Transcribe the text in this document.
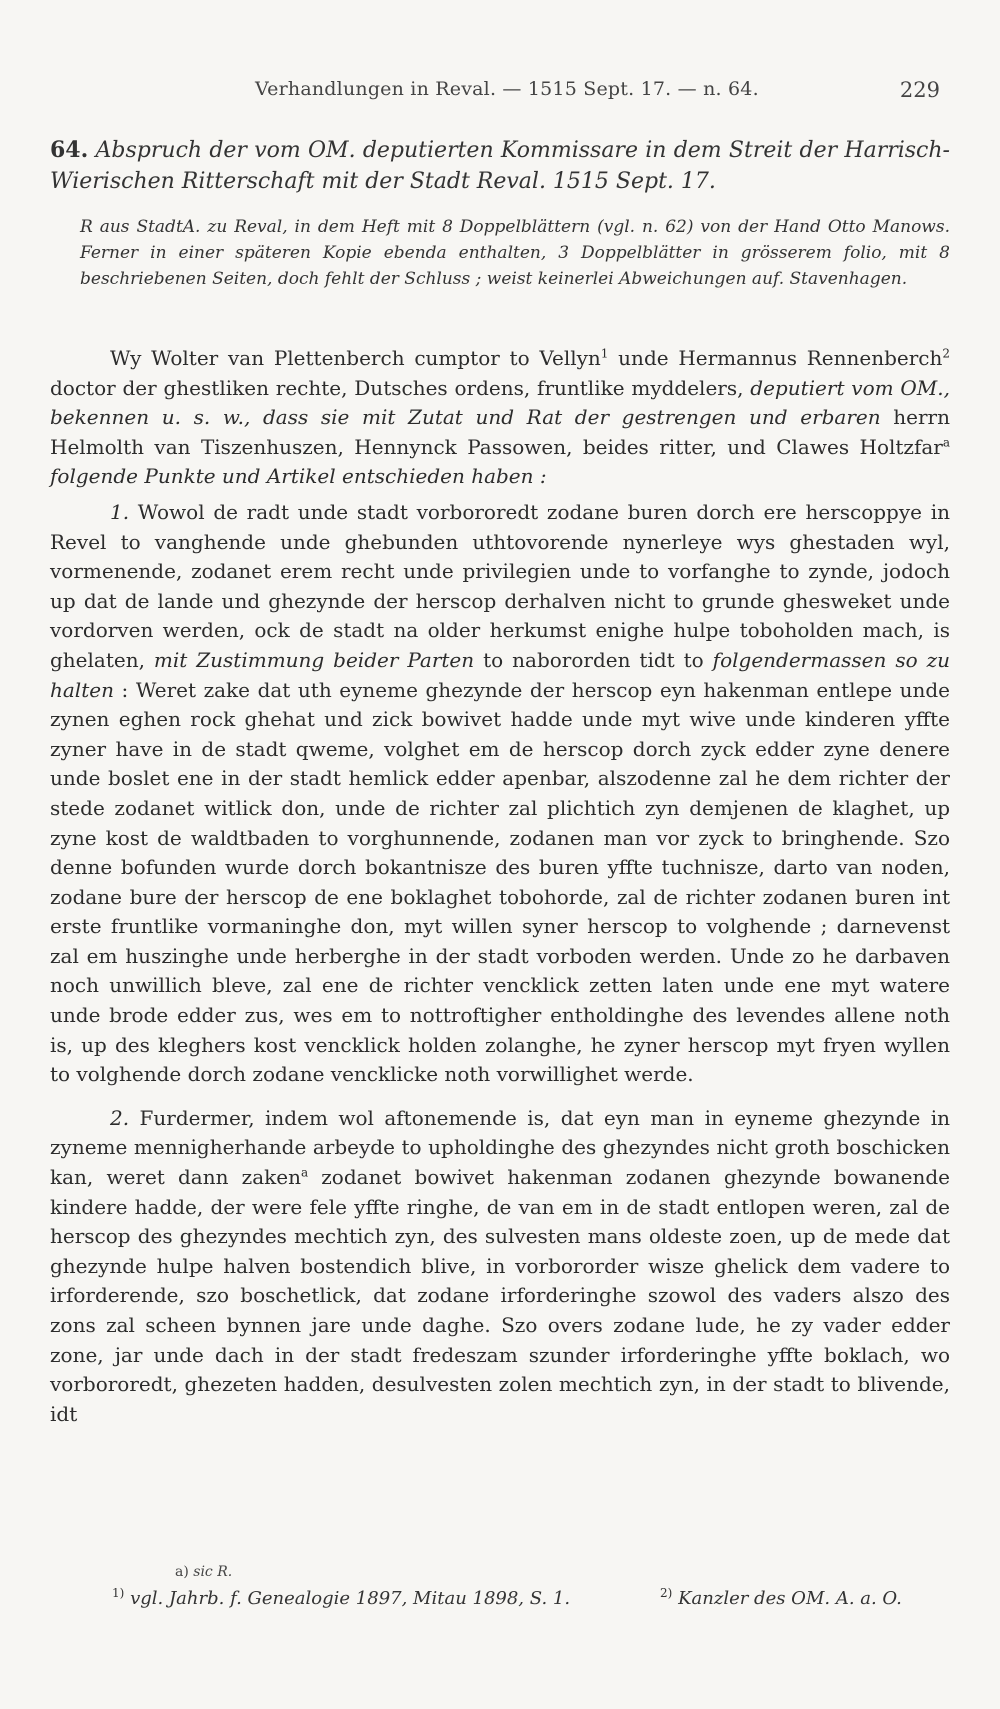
Verhandlungen in Reval. — 1515 Sept. 17. — n. 64.	229
64. Abspruch der vom OM. deputierten Kommissare in dem Streit der Harrisch-Wierischen Ritterschaft mit der Stadt Reval. 1515 Sept. 17.
R aus StadtA. zu Reval, in dem Heft mit 8 Doppelblättern (vgl. n. 62) von der Hand Otto Manows. Ferner in einer späteren Kopie ebenda enthalten, 3 Doppelblätter in grösserem folio, mit 8 beschriebenen Seiten, doch fehlt der Schluss ; weist keinerlei Abweichungen auf. Stavenhagen.

Wy Wolter van Plettenberch cumptor to Vellyn$^1$ unde Hermannus Rennenberch$^2$ doctor der ghestliken rechte, Dutsches ordens, fruntlike myddelers, deputiert vom OM., bekennen u. s. w., dass sie mit Zutat und Rat der gestrengen und erbaren herrn Helmolth van Tiszenhuszen, Hennynck Passowen, beides ritter, und Clawes Holtzfar$^a$ folgende Punkte und Artikel entschieden haben :

1. Wowol de radt unde stadt vorbororedt zodane buren dorch ere herscoppye in Revel to vanghende unde ghebunden uthtovorende nynerleye wys ghestaden wyl, vormenende, zodanet erem recht unde privilegien unde to vorfanghe to zynde, jodoch up dat de lande und ghezynde der herscop derhalven nicht to grunde ghesweket unde vordorven werden, ock de stadt na older herkumst enighe hulpe toboholden mach, is ghelaten, mit Zustimmung beider Parten to nabororden tidt to folgendermassen so zu halten : Weret zake dat uth eyneme ghezynde der herscop eyn hakenman entlepe unde zynen eghen rock ghehat und zick bowivet hadde unde myt wive unde kinderen yffte zyner have in de stadt qweme, volghet em de herscop dorch zyck edder zyne denere unde boslet ene in der stadt hemlick edder apenbar, alszodenne zal he dem richter der stede zodanet witlick don, unde de richter zal plichtich zyn demjenen de klaghet, up zyne kost de waldtbaden to vorghunnende, zodanen man vor zyck to bringhende. Szo denne bofunden wurde dorch bokantnisze des buren yffte tuchnisze, darto van noden, zodane bure der herscop de ene boklaghet tobohorde, zal de richter zodanen buren int erste fruntlike vormaninghe don, myt willen syner herscop to volghende ; darnevenst zal em huszinghe unde herberghe in der stadt vorboden werden. Unde zo he darbaven noch unwillich bleve, zal ene de richter vencklick zetten laten unde ene myt watere unde brode edder zus, wes em to nottroftigher entholdinghe des levendes allene noth is, up des kleghers kost vencklick holden zolanghe, he zyner herscop myt fryen wyllen to volghende dorch zodane vencklicke noth vorwillighet werde.

2. Furdermer, indem wol aftonemende is, dat eyn man in eyneme ghezynde in zyneme mennigherhande arbeyde to upholdinghe des ghezyndes nicht groth boschicken kan, weret dann zaken$^a$ zodanet bowivet hakenman zodanen ghezynde bowanende kindere hadde, der were fele yffte ringhe, de van em in de stadt entlopen weren, zal de herscop des ghezyndes mechtich zyn, des sulvesten mans oldeste zoen, up de mede dat ghezynde hulpe halven bostendich blive, in vorbororder wisze ghelick dem vadere to irforderende, szo boschetlick, dat zodane irforderinghe szowol des vaders alszo des zons zal scheen bynnen jare unde daghe. Szo overs zodane lude, he zy vader edder zone, jar unde dach in der stadt fredeszam szunder irforderinghe yffte boklach, wo vorbororedt, ghezeten hadden, desulvesten zolen mechtich zyn, in der stadt to blivende, idt

a) sic R.
$^{1)}$ vgl. Jahrb. f. Genealogie 1897, Mitau 1898, S. 1.	$^{2)}$ Kanzler des OM. A. a. O.
